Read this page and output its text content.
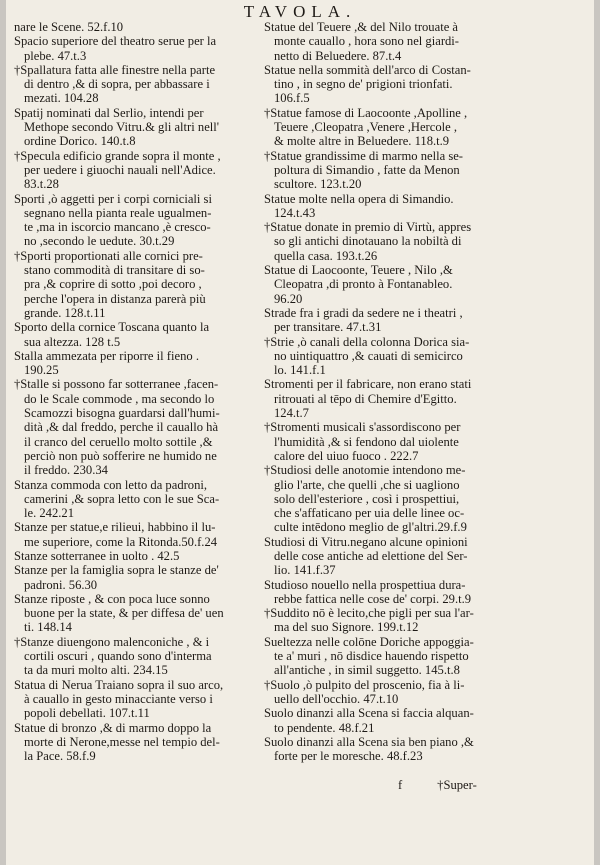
TAVOLA.
nare le Scene. 52.f.10
Spacio superiore del theatro serue per la
plebe. 47.t.3
†Spallatura fatta alle finestre nella parte
di dentro ,& di sopra, per abbassare i
mezati. 104.28
Spatij nominati dal Serlio, intendi per
Methope secondo Vitru.& gli altri nell'
ordine Dorico. 140.t.8
†Specula edificio grande sopra il monte ,
per uedere i giuochi nauali nell'Adice.
83.t.28
Sporti ,ò aggetti per i corpi corniciali si
segnano nella pianta reale ugualmen-
te ,ma in iscorcio mancano ,è cresco-
no ,secondo le uedute. 30.t.29
†Sporti proportionati alle cornici pre-
stano commodità di transitare di so-
pra ,& coprire di sotto ,poi decoro ,
perche l'opera in distanza parerà più
grande. 128.t.11
Sporto della cornice Toscana quanto la
sua altezza. 128 t.5
Stalla ammezata per riporre il fieno .
190.25
†Stalle si possono far sotterranee ,facen-
do le Scale commode , ma secondo lo
Scamozzi bisogna guardarsi dall'humi-
dità ,& dal freddo, perche il cauallo hà
il cranco del ceruello molto sottile ,&
perciò non può sofferire ne humido ne
il freddo. 230.34
Stanza commoda con letto da padroni,
camerini ,& sopra letto con le sue Sca-
le. 242.21
Stanze per statue,e rilieui, habbino il lu-
me superiore, come la Ritonda.50.f.24
Stanze sotterranee in uolto . 42.5
Stanze per la famiglia sopra le stanze de'
padroni. 56.30
Stanze riposte , & con poca luce sonno
buone per la state, & per diffesa de' uen
ti. 148.14
†Stanze diuengono malenconiche , & i
cortili oscuri , quando sono d'interma
ta da muri molto alti. 234.15
Statua di Nerua Traiano sopra il suo arco,
à cauallo in gesto minacciante verso i
popoli debellati. 107.t.11
Statue di bronzo ,& di marmo doppo la
morte di Nerone,messe nel tempio del-
la Pace. 58.f.9
Statue del Teuere ,& del Nilo trouate à
monte cauallo , hora sono nel giardi-
netto di Beluedere. 87.t.4
Statue nella sommità dell'arco di Costan-
tino , in segno de' prigioni trionfati.
106.f.5
†Statue famose di Laocoonte ,Apolline ,
Teuere ,Cleopatra ,Venere ,Hercole ,
& molte altre in Beluedere. 118.t.9
†Statue grandissime di marmo nella se-
poltura di Simandio , fatte da Menon
scultore. 123.t.20
Statue molte nella opera di Simandio.
124.t.43
†Statue donate in premio di Virtù, appres
so gli antichi dinotauano la nobiltà di
quella casa. 193.t.26
Statue di Laocoonte, Teuere , Nilo ,&
Cleopatra ,di pronto à Fontanableo.
96.20
Strade fra i gradi da sedere ne i theatri ,
per transitare. 47.t.31
†Strie ,ò canali della colonna Dorica sia-
no uintiquattro ,& cauati di semicirco
lo. 141.f.1
Stromenti per il fabricare, non erano stati
ritrouati al tēpo di Chemire d'Egitto.
124.t.7
†Stromenti musicali s'assordiscono per
l'humidità ,& si fendono dal uiolente
calore del uiuo fuoco . 222.7
†Studiosi delle anotomie intendono me-
glio l'arte, che quelli ,che si uagliono
solo dell'esteriore , così i prospettiui,
che s'affaticano per uia delle linee oc-
culte intēdono meglio de gl'altri.29.f.9
Studiosi di Vitru.negano alcune opinioni
delle cose antiche ad elettione del Ser-
lio. 141.f.37
Studioso nouello nella prospettiua dura-
rebbe fattica nelle cose de' corpi. 29.t.9
†Suddito nō è lecito,che pigli per sua l'ar-
ma del suo Signore. 199.t.12
Sueltezza nelle colōne Doriche appoggia-
te a' muri , nō disdice hauendo rispetto
all'antiche , in simil suggetto. 145.t.8
†Suolo ,ò pulpito del proscenio, fia à li-
uello dell'occhio. 47.t.10
Suolo dinanzi alla Scena si faccia alquan-
to pendente. 48.f.21
Suolo dinanzi alla Scena sia ben piano ,&
forte per le moresche. 48.f.23
f	†Super-
